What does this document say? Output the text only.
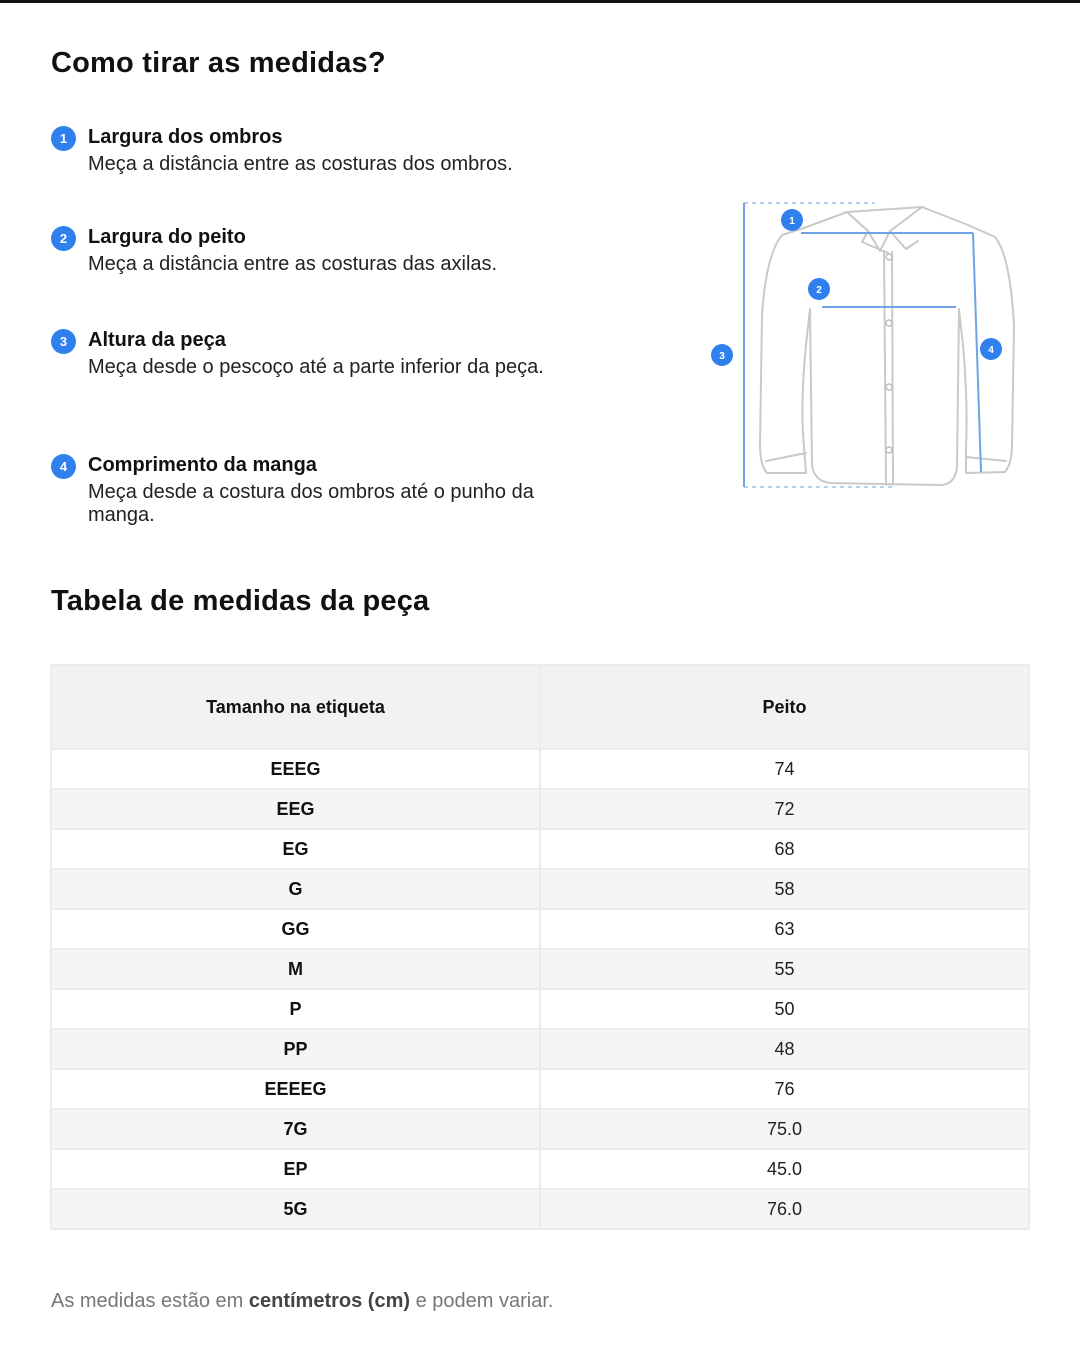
Como tirar as medidas?
1	Largura dos ombros
Meça a distância entre as costuras dos ombros.
2	Largura do peito
Meça a distância entre as costuras das axilas.
3	Altura da peça
Meça desde o pescoço até a parte inferior da peça.
4	Comprimento da manga
Meça desde a costura dos ombros até o punho da manga.
1
2
3
4
Tabela de medidas da peça
Tamanho na etiqueta	Peito
EEEG	74
EEG	72
EG	68
G	58
GG	63
M	55
P	50
PP	48
EEEEG	76
7G	75.0
EP	45.0
5G	76.0
As medidas estão em centímetros (cm) e podem variar.
